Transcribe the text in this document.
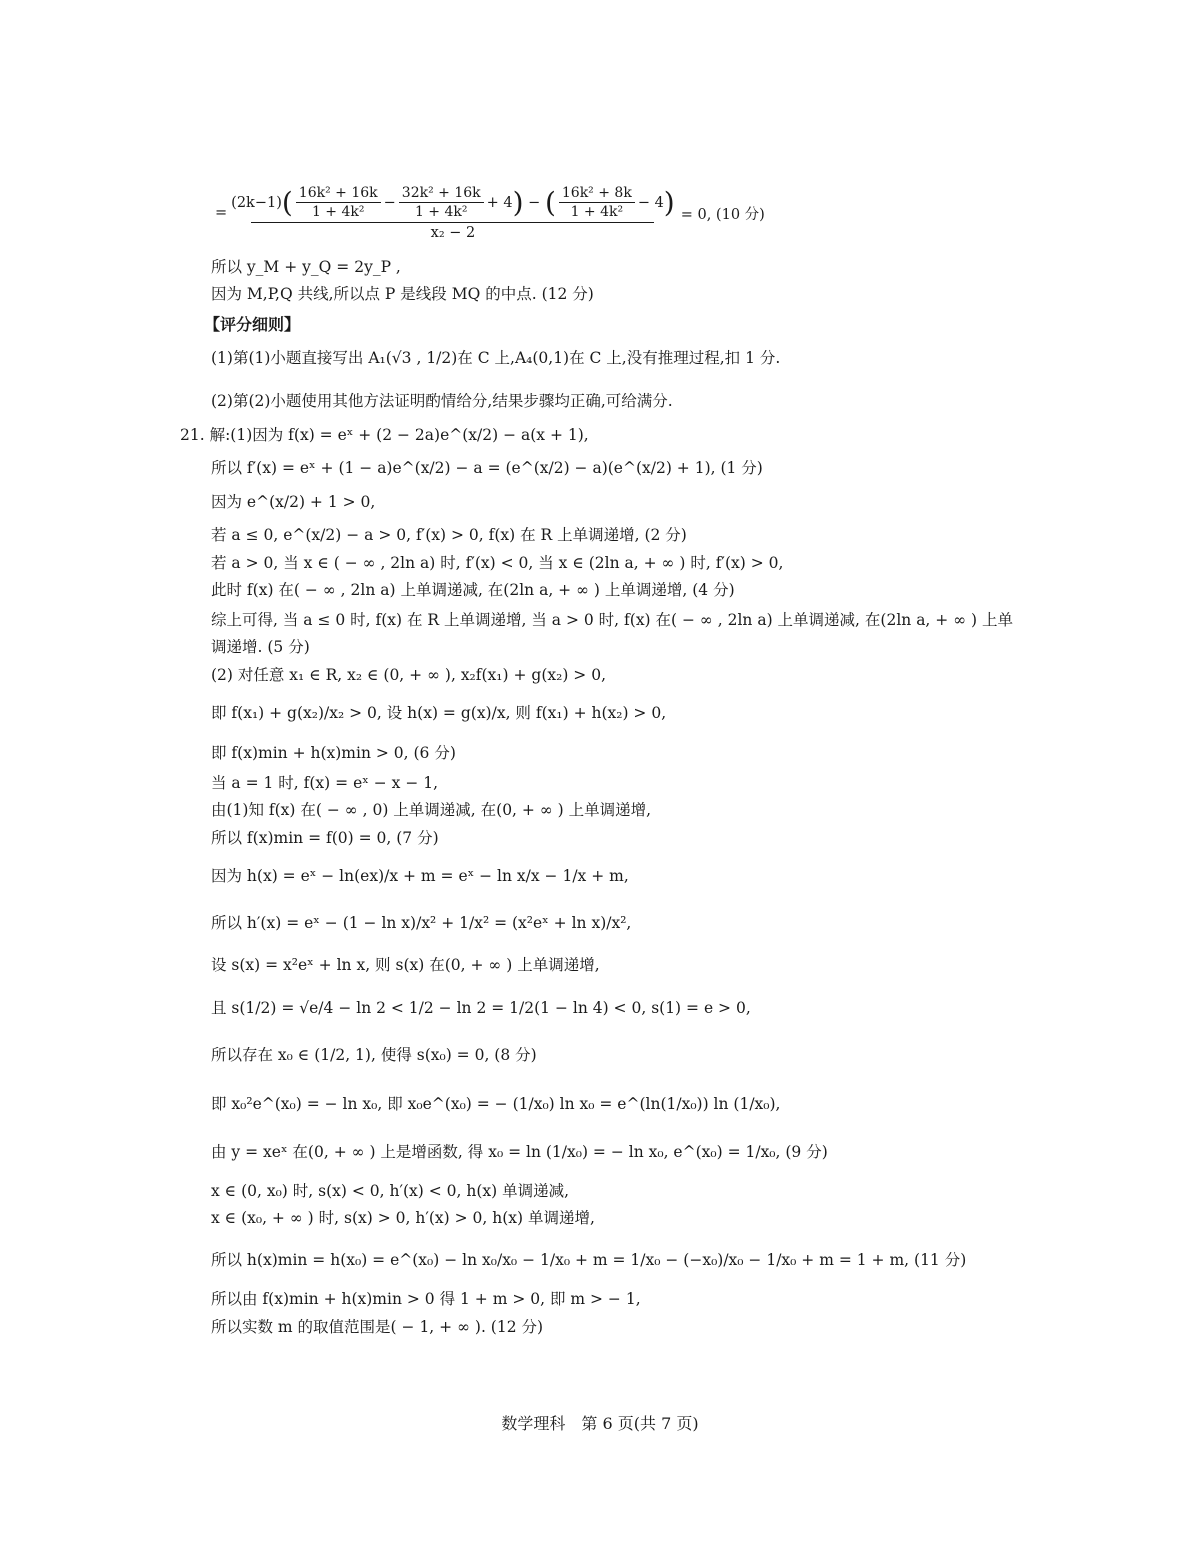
=
(2k−1) ( $\frac{\text{16k² + 16k}}{\text{1 + 4k²}} - \frac{\text{32k² + 16k}}{\text{1 + 4k²}} + 4$ ) − ( $\frac{\text{16k² + 8k}}{\text{1 + 4k²}} - 4$ )
x₂ − 2
= 0, (10 分)
所以 y_M + y_Q = 2y_P ,
因为 M,P,Q 共线,所以点 P 是线段 MQ 的中点. (12 分)
【评分细则】
(1)第(1)小题直接写出 A₁(√3 , 1/2)在 C 上,A₄(0,1)在 C 上,没有推理过程,扣 1 分.
(2)第(2)小题使用其他方法证明酌情给分,结果步骤均正确,可给满分.
21. 解:(1)因为 f(x) = eˣ + (2 − 2a)e^(x/2) − a(x + 1),
所以 f′(x) = eˣ + (1 − a)e^(x/2) − a = (e^(x/2) − a)(e^(x/2) + 1), (1 分)
因为 e^(x/2) + 1 > 0,
若 a ≤ 0, e^(x/2) − a > 0, f′(x) > 0, f(x) 在 R 上单调递增, (2 分)
若 a > 0, 当 x ∈ ( − ∞ , 2ln a) 时, f′(x) < 0, 当 x ∈ (2ln a, + ∞ ) 时, f′(x) > 0,
此时 f(x) 在( − ∞ , 2ln a) 上单调递减, 在(2ln a, + ∞ ) 上单调递增, (4 分)
综上可得, 当 a ≤ 0 时, f(x) 在 R 上单调递增, 当 a > 0 时, f(x) 在( − ∞ , 2ln a) 上单调递减, 在(2ln a, + ∞ ) 上单
调递增. (5 分)
(2) 对任意 x₁ ∈ R, x₂ ∈ (0, + ∞ ), x₂f(x₁) + g(x₂) > 0,
即 f(x₁) + g(x₂)/x₂ > 0, 设 h(x) = g(x)/x, 则 f(x₁) + h(x₂) > 0,
即 f(x)min + h(x)min > 0, (6 分)
当 a = 1 时, f(x) = eˣ − x − 1,
由(1)知 f(x) 在( − ∞ , 0) 上单调递减, 在(0, + ∞ ) 上单调递增,
所以 f(x)min = f(0) = 0, (7 分)
因为 h(x) = eˣ − ln(ex)/x + m = eˣ − ln x/x − 1/x + m,
所以 h′(x) = eˣ − (1 − ln x)/x² + 1/x² = (x²eˣ + ln x)/x²,
设 s(x) = x²eˣ + ln x, 则 s(x) 在(0, + ∞ ) 上单调递增,
且 s(1/2) = √e/4 − ln 2 < 1/2 − ln 2 = 1/2(1 − ln 4) < 0, s(1) = e > 0,
所以存在 x₀ ∈ (1/2, 1), 使得 s(x₀) = 0, (8 分)
即 x₀²e^(x₀) = − ln x₀, 即 x₀e^(x₀) = − (1/x₀) ln x₀ = e^(ln(1/x₀)) ln (1/x₀),
由 y = xeˣ 在(0, + ∞ ) 上是增函数, 得 x₀ = ln (1/x₀) = − ln x₀, e^(x₀) = 1/x₀, (9 分)
x ∈ (0, x₀) 时, s(x) < 0, h′(x) < 0, h(x) 单调递减,
x ∈ (x₀, + ∞ ) 时, s(x) > 0, h′(x) > 0, h(x) 单调递增,
所以 h(x)min = h(x₀) = e^(x₀) − ln x₀/x₀ − 1/x₀ + m = 1/x₀ − (−x₀)/x₀ − 1/x₀ + m = 1 + m, (11 分)
所以由 f(x)min + h(x)min > 0 得 1 + m > 0, 即 m > − 1,
所以实数 m 的取值范围是( − 1, + ∞ ). (12 分)
数学理科　第 6 页(共 7 页)
